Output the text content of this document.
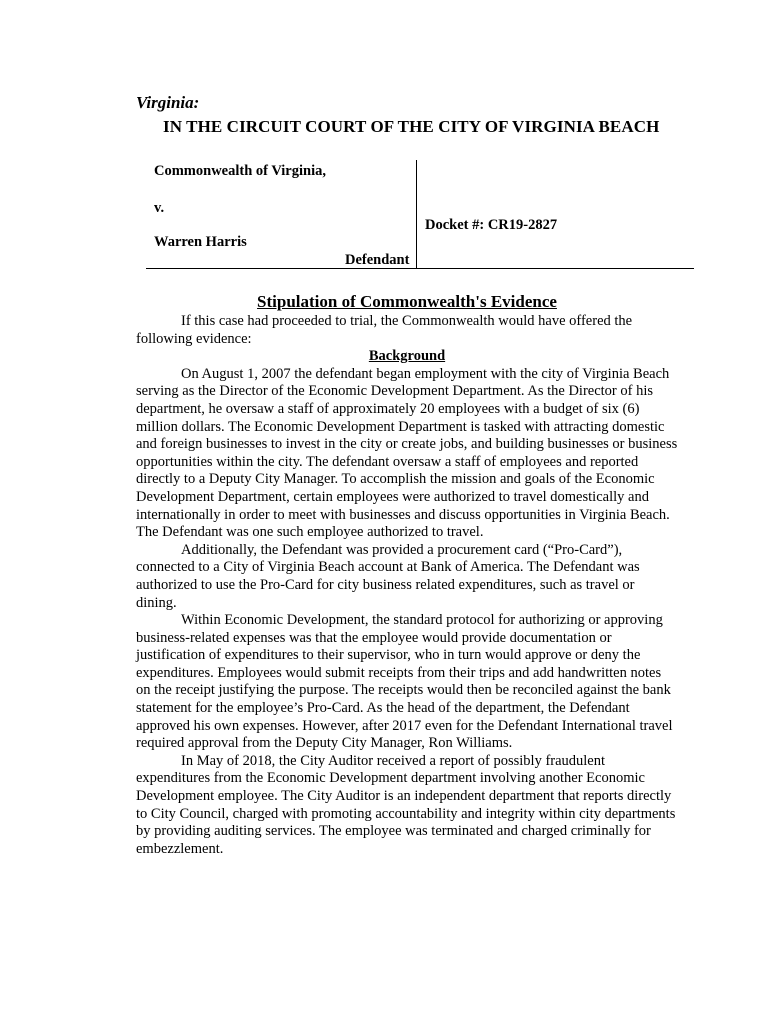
Virginia:
IN THE CIRCUIT COURT OF THE CITY OF VIRGINIA BEACH
Commonwealth of Virginia,
v.
Warren Harris
Defendant
Docket #: CR19-2827
Stipulation of Commonwealth's Evidence

If this case had proceeded to trial, the Commonwealth would have offered the following evidence:

Background

On August 1, 2007 the defendant began employment with the city of Virginia Beach serving as the Director of the Economic Development Department. As the Director of his department, he oversaw a staff of approximately 20 employees with a budget of six (6) million dollars. The Economic Development Department is tasked with attracting domestic and foreign businesses to invest in the city or create jobs, and building businesses or business opportunities within the city. The defendant oversaw a staff of employees and reported directly to a Deputy City Manager. To accomplish the mission and goals of the Economic Development Department, certain employees were authorized to travel domestically and internationally in order to meet with businesses and discuss opportunities in Virginia Beach. The Defendant was one such employee authorized to travel.

Additionally, the Defendant was provided a procurement card (“Pro-Card”), connected to a City of Virginia Beach account at Bank of America. The Defendant was authorized to use the Pro-Card for city business related expenditures, such as travel or dining.

Within Economic Development, the standard protocol for authorizing or approving business-related expenses was that the employee would provide documentation or justification of expenditures to their supervisor, who in turn would approve or deny the expenditures. Employees would submit receipts from their trips and add handwritten notes on the receipt justifying the purpose. The receipts would then be reconciled against the bank statement for the employee’s Pro-Card. As the head of the department, the Defendant approved his own expenses. However, after 2017 even for the Defendant International travel required approval from the Deputy City Manager, Ron Williams.

In May of 2018, the City Auditor received a report of possibly fraudulent expenditures from the Economic Development department involving another Economic Development employee. The City Auditor is an independent department that reports directly to City Council, charged with promoting accountability and integrity within city departments by providing auditing services. The employee was terminated and charged criminally for embezzlement.
